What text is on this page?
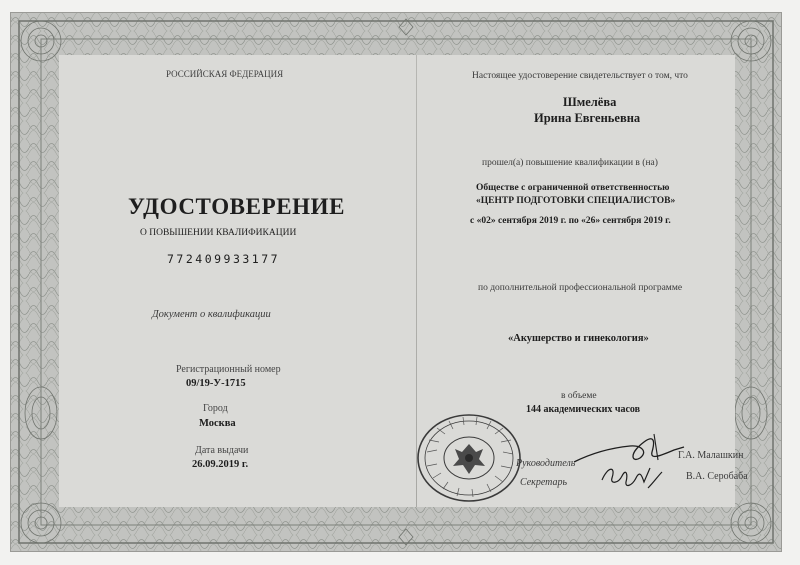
РОССИЙСКАЯ ФЕДЕРАЦИЯ
УДОСТОВЕРЕНИЕ
О ПОВЫШЕНИИ КВАЛИФИКАЦИИ
772409933177
Документ о квалификации
Регистрационный номер
09/19-У-1715
Город
Москва
Дата выдачи
26.09.2019 г.
Настоящее удостоверение свидетельствует о том, что
Шмелёва
Ирина Евгеньевна
прошел(а) повышение квалификации в (на)
Обществе с ограниченной ответственностью
«ЦЕНТР ПОДГОТОВКИ СПЕЦИАЛИСТОВ»
с «02» сентября 2019 г. по «26» сентября 2019 г.
по дополнительной профессиональной программе
«Акушерство и гинекология»
в объеме
144 академических часов
Руководитель
Г.А. Малашкин
Секретарь
В.А. Серобаба
